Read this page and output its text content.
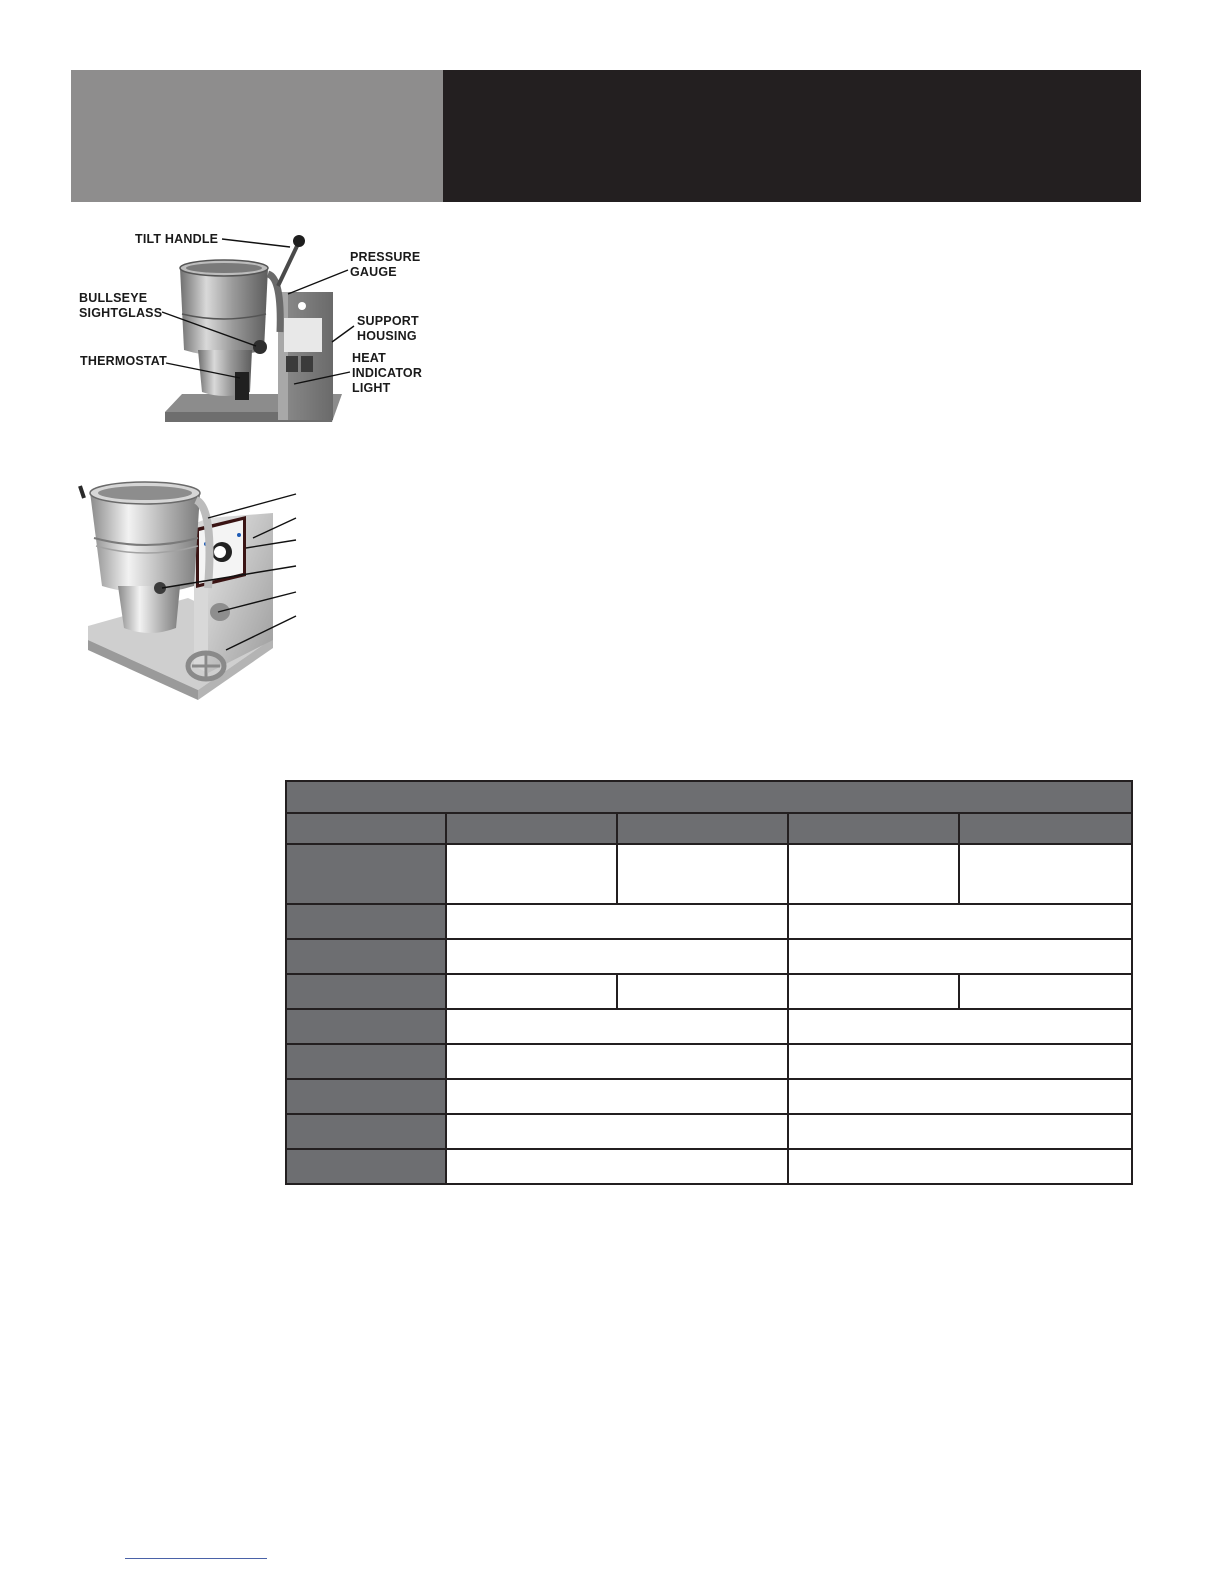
TILT HANDLE

PRESSURE
GAUGE

BULLSEYE
SIGHTGLASS

SUPPORT
HOUSING

THERMOSTAT	HEAT
INDICATOR
LIGHT
